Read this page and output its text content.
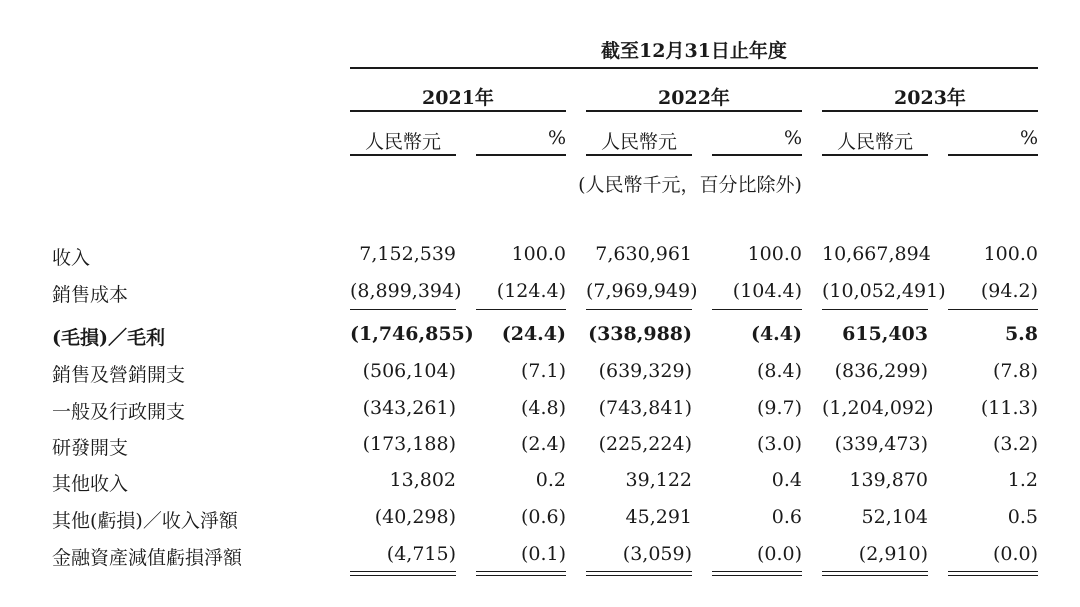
截至12月31日止年度
2021年	2022年	2023年
人民幣元	%	人民幣元	%	人民幣元	%
(人民幣千元，百分比除外)
收入	7,152,539	100.0	7,630,961	100.0 10,667,894	100.0
銷售成本	(8,899,394)	(124.4) (7,969,949)	(104.4) (10,052,491)	(94.2)
(毛損)／毛利	(1,746,855)	(24.4) (338,988)	(4.4)	615,403	5.8
銷售及營銷開支	(506,104)	(7.1)	(639,329)	(8.4)	(836,299)	(7.8)
一般及行政開支	(343,261)	(4.8)	(743,841)	(9.7) (1,204,092)	(11.3)
研發開支	(173,188)	(2.4)	(225,224)	(3.0)	(339,473)	(3.2)
其他收入	13,802	0.2	39,122	0.4	139,870	1.2
其他(虧損)／收入淨額	(40,298)	(0.6)	45,291	0.6	52,104	0.5
金融資產減值虧損淨額	(4,715)	(0.1)	(3,059)	(0.0)	(2,910)	(0.0)
